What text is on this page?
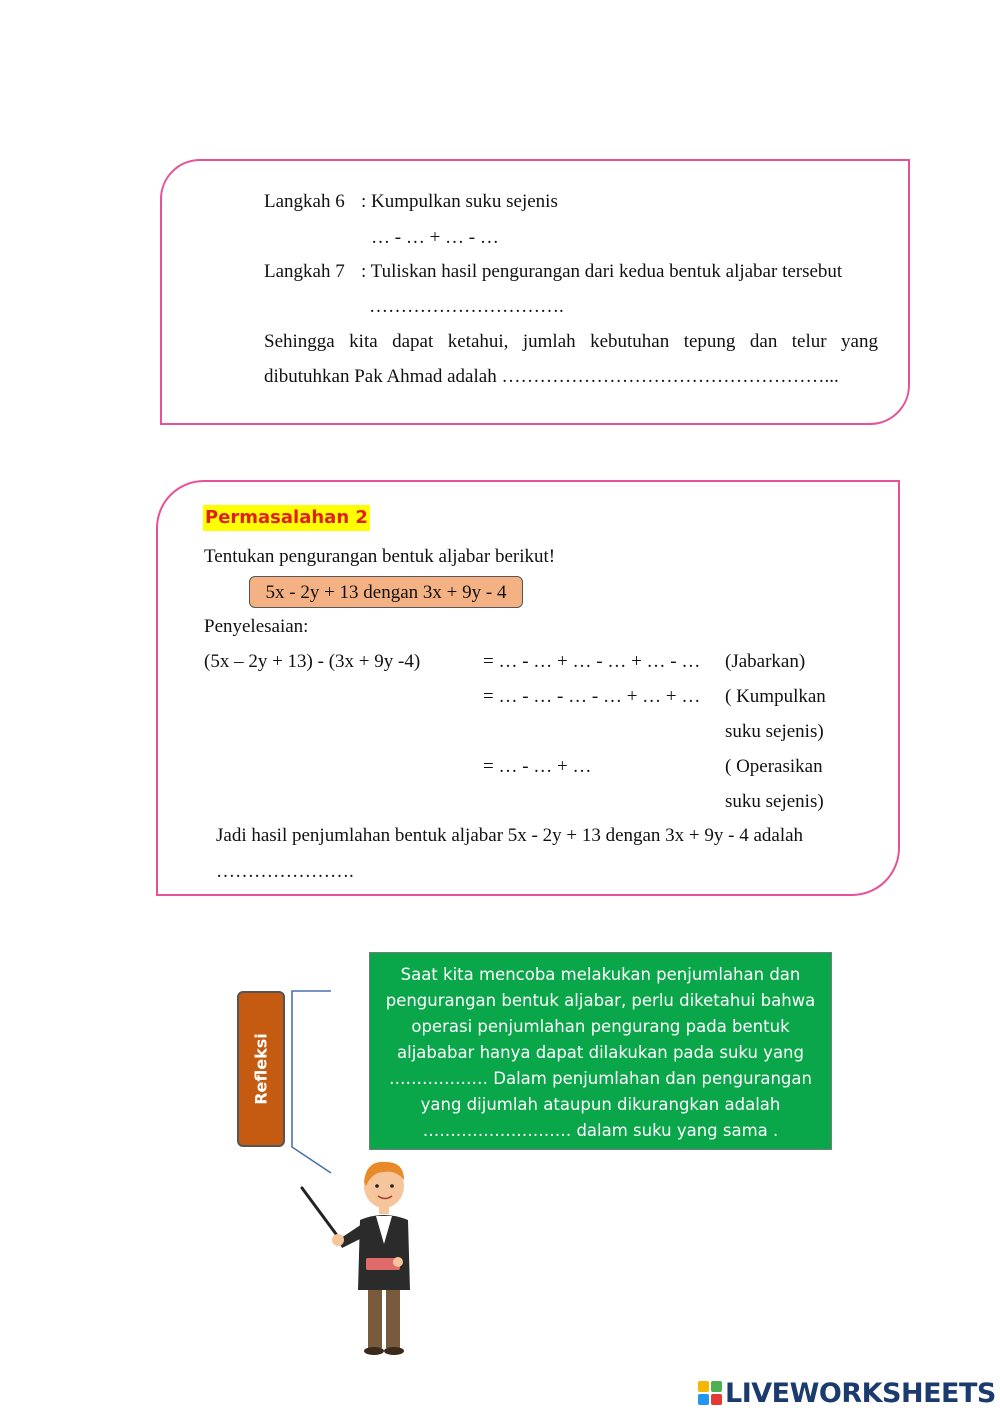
Langkah 6 : Kumpulkan suku sejenis
… - … + … - …
Langkah 7 : Tuliskan hasil pengurangan dari kedua bentuk aljabar tersebut
………………………….
Sehingga kita dapat ketahui, jumlah kebutuhan tepung dan telur yang
dibutuhkan Pak Ahmad adalah ……………………………………………...
Permasalahan 2
Tentukan pengurangan bentuk aljabar berikut!
5x - 2y + 13 dengan 3x + 9y - 4
Penyelesaian:
(5x – 2y + 13) - (3x + 9y -4)	= … - … + … - … + … - … (Jabarkan)
= … - … - … - … + … + … ( Kumpulkan
suku sejenis)
= … - … + …	( Operasikan
suku sejenis)
Jadi hasil penjumlahan bentuk aljabar 5x - 2y + 13 dengan 3x + 9y - 4 adalah
………………….
Refleksi
Saat kita mencoba melakukan penjumlahan dan
pengurangan bentuk aljabar, perlu diketahui bahwa
operasi penjumlahan pengurang pada bentuk
aljababar hanya dapat dilakukan pada suku yang
……………… Dalam penjumlahan dan pengurangan
yang dijumlah ataupun dikurangkan adalah
……………………… dalam suku yang sama .
LIVEWORKSHEETS
